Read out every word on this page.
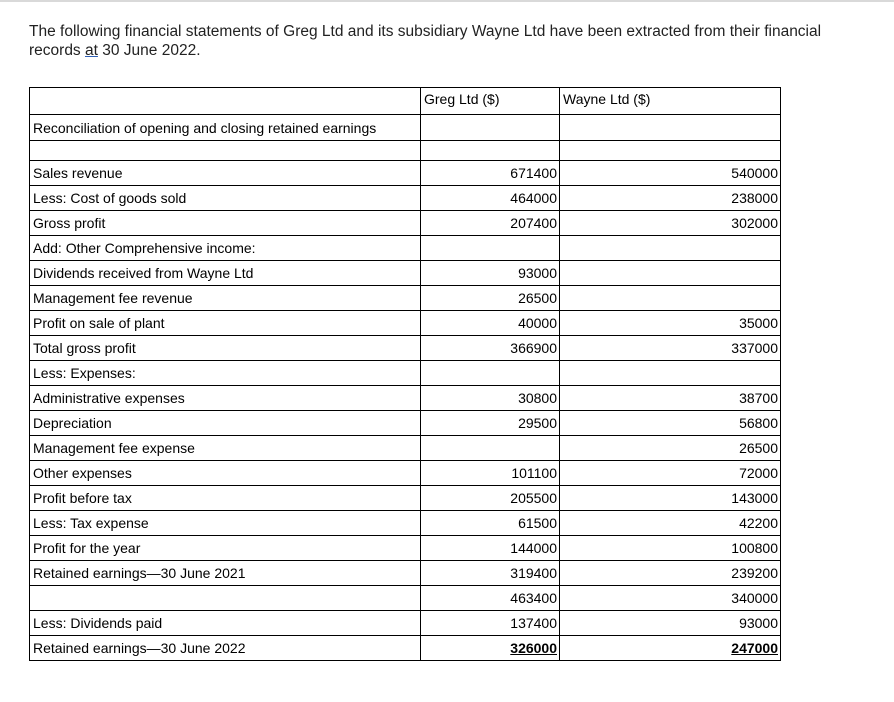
The following financial statements of Greg Ltd and its subsidiary Wayne Ltd have been extracted from their financial records at 30 June 2022.

	Greg Ltd ($)	Wayne Ltd ($)
Reconciliation of opening and closing retained earnings		

Sales revenue	671400	540000
Less: Cost of goods sold	464000	238000
Gross profit	207400	302000
Add: Other Comprehensive income:		
Dividends received from Wayne Ltd	93000	
Management fee revenue	26500	
Profit on sale of plant	40000	35000
Total gross profit	366900	337000
Less: Expenses:		
Administrative expenses	30800	38700
Depreciation	29500	56800
Management fee expense		26500
Other expenses	101100	72000
Profit before tax	205500	143000
Less: Tax expense	61500	42200
Profit for the year	144000	100800
Retained earnings—30 June 2021	319400	239200
	463400	340000
Less: Dividends paid	137400	93000
Retained earnings—30 June 2022	326000	247000
